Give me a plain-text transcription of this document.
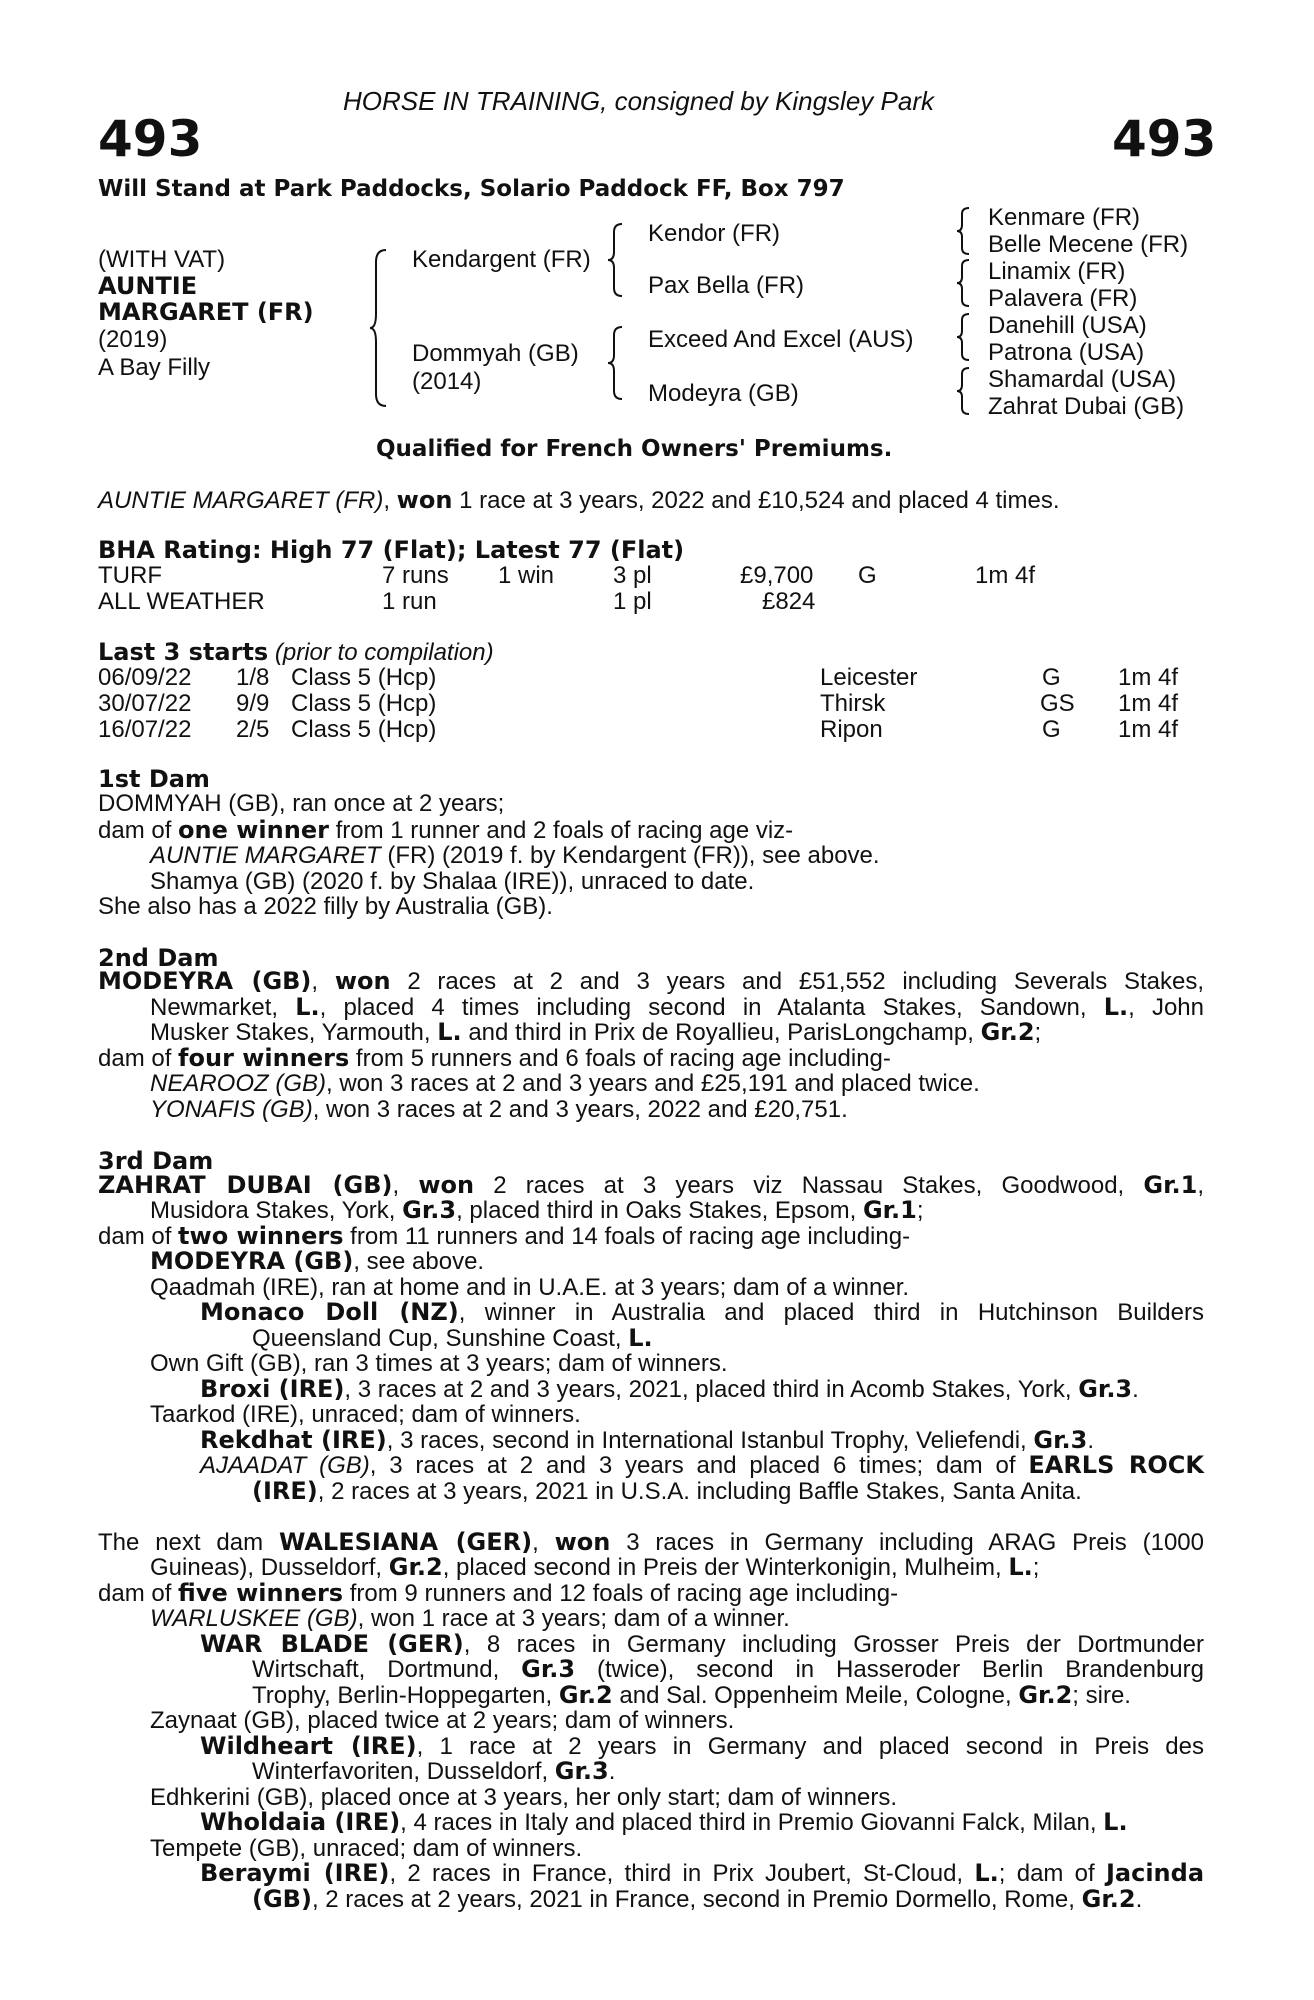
HORSE IN TRAINING, consigned by Kingsley Park
493	493
Will Stand at Park Paddocks, Solario Paddock FF, Box 797
(WITH VAT)
AUNTIE
MARGARET (FR)
(2019)
A Bay Filly
Kendargent (FR)
Dommyah (GB)
(2014)
Kendor (FR)
Pax Bella (FR)
Exceed And Excel (AUS)
Modeyra (GB)
Kenmare (FR)
Belle Mecene (FR)
Linamix (FR)
Palavera (FR)
Danehill (USA)
Patrona (USA)
Shamardal (USA)
Zahrat Dubai (GB)
Qualified for French Owners' Premiums.
AUNTIE MARGARET (FR), won 1 race at 3 years, 2022 and £10,524 and placed 4 times.
BHA Rating: High 77 (Flat); Latest 77 (Flat)
TURF	7 runs 1 win 3 pl	£9,700 G	1m 4f
ALL WEATHER	1 run	1 pl	£824
Last 3 starts (prior to compilation)
06/09/22 1/8 Class 5 (Hcp)	Leicester	G 1m 4f
30/07/22 9/9 Class 5 (Hcp)	Thirsk	GS 1m 4f
16/07/22 2/5 Class 5 (Hcp)	Ripon	G 1m 4f
1st Dam
DOMMYAH (GB), ran once at 2 years;
dam of one winner from 1 runner and 2 foals of racing age viz-
AUNTIE MARGARET (FR) (2019 f. by Kendargent (FR)), see above.
Shamya (GB) (2020 f. by Shalaa (IRE)), unraced to date.
She also has a 2022 filly by Australia (GB).
2nd Dam
MODEYRA (GB), won 2 races at 2 and 3 years and £51,552 including Severals Stakes,
Newmarket, L., placed 4 times including second in Atalanta Stakes, Sandown, L., John
Musker Stakes, Yarmouth, L. and third in Prix de Royallieu, ParisLongchamp, Gr.2;
dam of four winners from 5 runners and 6 foals of racing age including-
NEAROOZ (GB), won 3 races at 2 and 3 years and £25,191 and placed twice.
YONAFIS (GB), won 3 races at 2 and 3 years, 2022 and £20,751.
3rd Dam
ZAHRAT DUBAI (GB), won 2 races at 3 years viz Nassau Stakes, Goodwood, Gr.1,
Musidora Stakes, York, Gr.3, placed third in Oaks Stakes, Epsom, Gr.1;
dam of two winners from 11 runners and 14 foals of racing age including-
MODEYRA (GB), see above.
Qaadmah (IRE), ran at home and in U.A.E. at 3 years; dam of a winner.
Monaco Doll (NZ), winner in Australia and placed third in Hutchinson Builders
Queensland Cup, Sunshine Coast, L.
Own Gift (GB), ran 3 times at 3 years; dam of winners.
Broxi (IRE), 3 races at 2 and 3 years, 2021, placed third in Acomb Stakes, York, Gr.3.
Taarkod (IRE), unraced; dam of winners.
Rekdhat (IRE), 3 races, second in International Istanbul Trophy, Veliefendi, Gr.3.
AJAADAT (GB), 3 races at 2 and 3 years and placed 6 times; dam of EARLS ROCK
(IRE), 2 races at 3 years, 2021 in U.S.A. including Baffle Stakes, Santa Anita.
The next dam WALESIANA (GER), won 3 races in Germany including ARAG Preis (1000
Guineas), Dusseldorf, Gr.2, placed second in Preis der Winterkonigin, Mulheim, L.;
dam of five winners from 9 runners and 12 foals of racing age including-
WARLUSKEE (GB), won 1 race at 3 years; dam of a winner.
WAR BLADE (GER), 8 races in Germany including Grosser Preis der Dortmunder
Wirtschaft, Dortmund, Gr.3 (twice), second in Hasseroder Berlin Brandenburg
Trophy, Berlin-Hoppegarten, Gr.2 and Sal. Oppenheim Meile, Cologne, Gr.2; sire.
Zaynaat (GB), placed twice at 2 years; dam of winners.
Wildheart (IRE), 1 race at 2 years in Germany and placed second in Preis des
Winterfavoriten, Dusseldorf, Gr.3.
Edhkerini (GB), placed once at 3 years, her only start; dam of winners.
Wholdaia (IRE), 4 races in Italy and placed third in Premio Giovanni Falck, Milan, L.
Tempete (GB), unraced; dam of winners.
Beraymi (IRE), 2 races in France, third in Prix Joubert, St-Cloud, L.; dam of Jacinda
(GB), 2 races at 2 years, 2021 in France, second in Premio Dormello, Rome, Gr.2.
